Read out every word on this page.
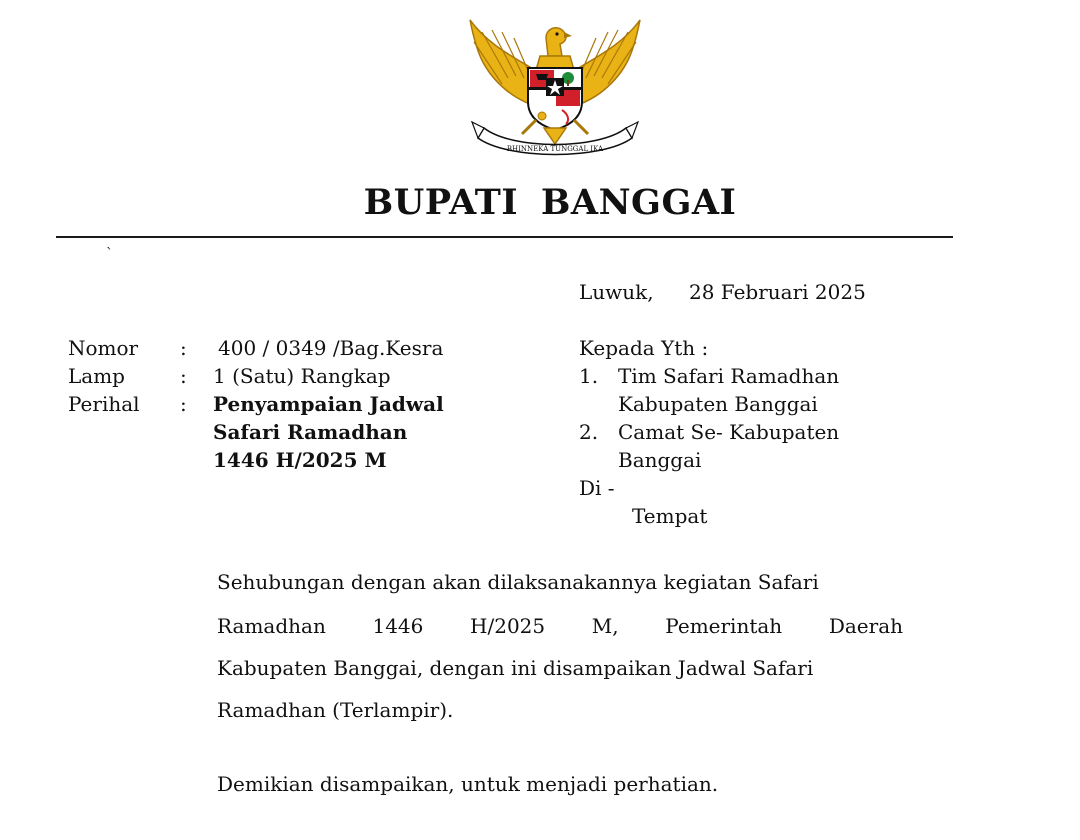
BHINNEKA TUNGGAL IKA
BUPATI BANGGAI
`
Luwuk, 28 Februari 2025
Nomor : 400 / 0349 /Bag.Kesra
Lamp	: 1 (Satu) Rangkap
Perihal : Penyampaian Jadwal
Safari Ramadhan
1446 H/2025 M
Kepada Yth :
1. Tim Safari Ramadhan
Kabupaten Banggai
2. Camat Se- Kabupaten
Banggai
Di -
Tempat
Sehubungan dengan akan dilaksanakannya kegiatan Safari
Ramadhan 1446 H/2025 M, Pemerintah Daerah
Kabupaten Banggai, dengan ini disampaikan Jadwal Safari
Ramadhan (Terlampir).
Demikian disampaikan, untuk menjadi perhatian.
